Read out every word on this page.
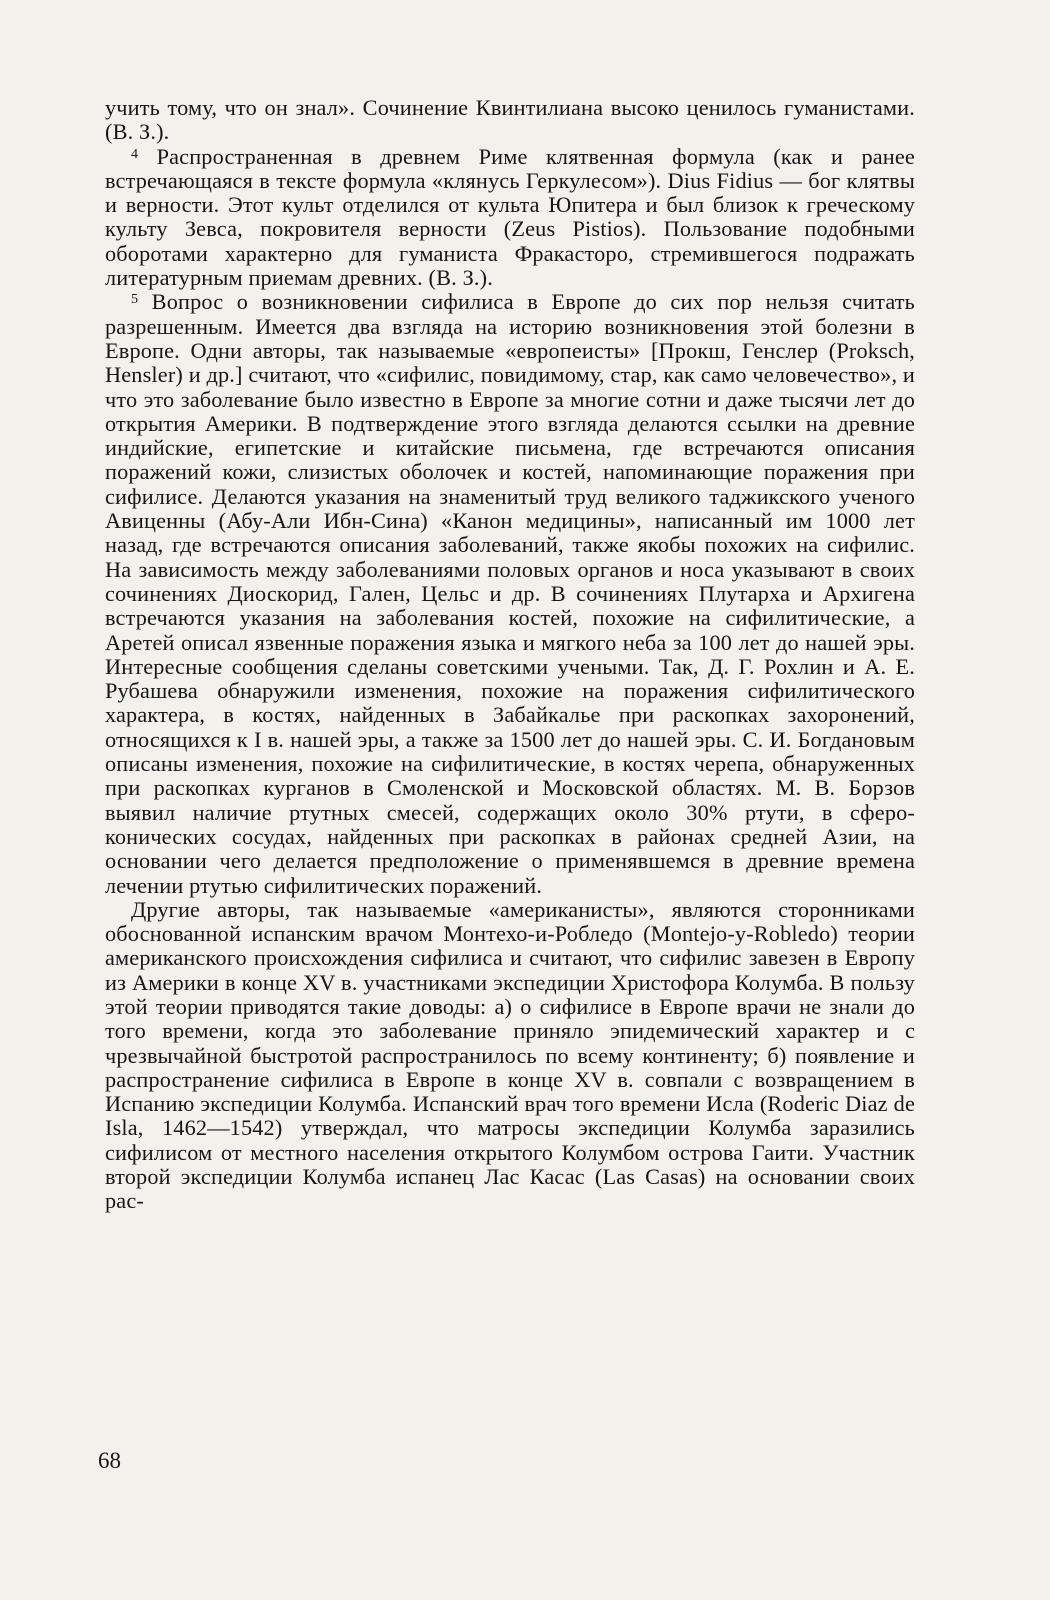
учить тому, что он знал». Сочинение Квинтилиана высоко ценилось гуманистами. (В. З.).

$^4$ Распространенная в древнем Риме клятвенная формула (как и ранее встречающаяся в тексте формула «клянусь Геркулесом»). Dius Fidius — бог клятвы и верности. Этот культ отделился от культа Юпитера и был близок к греческому культу Зевса, покровителя верности (Zeus Pistios). Пользование подобными оборотами характерно для гуманиста Фракасторо, стремившегося подражать литературным приемам древних. (В. З.).

$^5$ Вопрос о возникновении сифилиса в Европе до сих пор нельзя считать разрешенным. Имеется два взгляда на историю возникновения этой болезни в Европе. Одни авторы, так называемые «европеисты» [Прокш, Генслер (Proksch, Hensler) и др.] считают, что «сифилис, повидимому, стар, как само человечество», и что это заболевание было известно в Европе за многие сотни и даже тысячи лет до открытия Америки. В подтверждение этого взгляда делаются ссылки на древние индийские, египетские и китайские письмена, где встречаются описания поражений кожи, слизистых оболочек и костей, напоминающие поражения при сифилисе. Делаются указания на знаменитый труд великого таджикского ученого Авиценны (Абу-Али Ибн-Сина) «Канон медицины», написанный им 1000 лет назад, где встречаются описания заболеваний, также якобы похожих на сифилис. На зависимость между заболеваниями половых органов и носа указывают в своих сочинениях Диоскорид, Гален, Цельс и др. В сочинениях Плутарха и Архигена встречаются указания на заболевания костей, похожие на сифилитические, а Аретей описал язвенные поражения языка и мягкого неба за 100 лет до нашей эры. Интересные сообщения сделаны советскими учеными. Так, Д. Г. Рохлин и А. Е. Рубашева обнаружили изменения, похожие на поражения сифилитического характера, в костях, найденных в Забайкалье при раскопках захоронений, относящихся к I в. нашей эры, а также за 1500 лет до нашей эры. С. И. Богдановым описаны изменения, похожие на сифилитические, в костях черепа, обнаруженных при раскопках курганов в Смоленской и Московской областях. М. В. Борзов выявил наличие ртутных смесей, содержащих около 30% ртути, в сферо-конических сосудах, найденных при раскопках в районах средней Азии, на основании чего делается предположение о применявшемся в древние времена лечении ртутью сифилитических поражений.

Другие авторы, так называемые «американисты», являются сторонниками обоснованной испанским врачом Монтехо-и-Робледо (Montejo-y-Robledo) теории американского происхождения сифилиса и считают, что сифилис завезен в Европу из Америки в конце XV в. участниками экспедиции Христофора Колумба. В пользу этой теории приводятся такие доводы: а) о сифилисе в Европе врачи не знали до того времени, когда это заболевание приняло эпидемический характер и с чрезвычайной быстротой распространилось по всему континенту; б) появление и распространение сифилиса в Европе в конце XV в. совпали с возвращением в Испанию экспедиции Колумба. Испанский врач того времени Исла (Roderic Diaz de Isla, 1462—1542) утверждал, что матросы экспедиции Колумба заразились сифилисом от местного населения открытого Колумбом острова Гаити. Участник второй экспедиции Колумба испанец Лас Касас (Las Casas) на основании своих рас-

68
